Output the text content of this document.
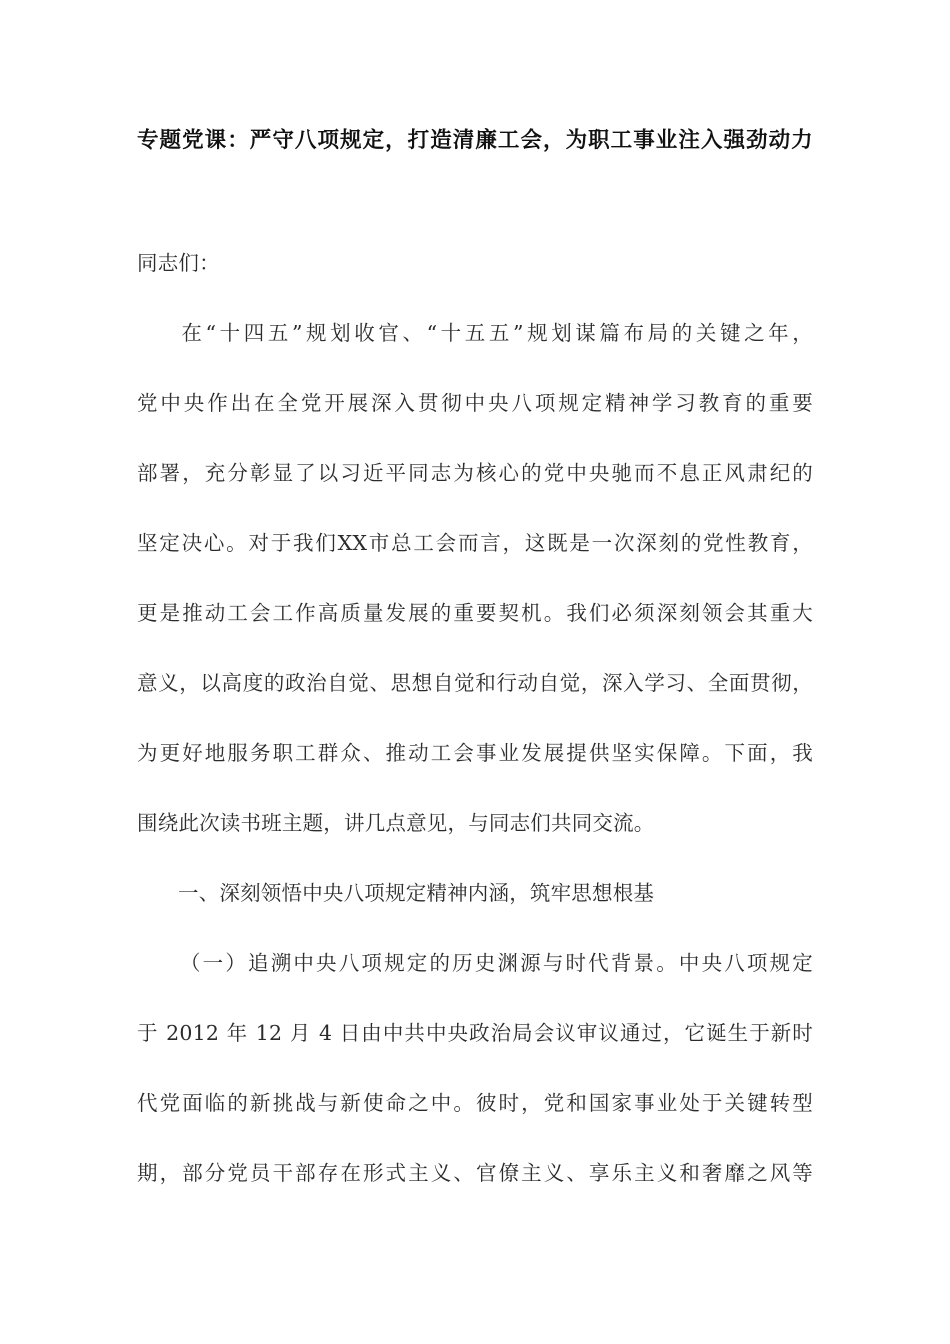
专题党课：严守八项规定，打造清廉工会，为职工事业注入强劲动力

同志们：

在“十四五”规划收官、“十五五”规划谋篇布局的关键之年，
党中央作出在全党开展深入贯彻中央八项规定精神学习教育的重要
部署，充分彰显了以习近平同志为核心的党中央驰而不息正风肃纪的
坚定决心。对于我们XX市总工会而言，这既是一次深刻的党性教育，
更是推动工会工作高质量发展的重要契机。我们必须深刻领会其重大
意义，以高度的政治自觉、思想自觉和行动自觉，深入学习、全面贯彻，
为更好地服务职工群众、推动工会事业发展提供坚实保障。下面，我
围绕此次读书班主题，讲几点意见，与同志们共同交流。
一、深刻领悟中央八项规定精神内涵，筑牢思想根基
（一）追溯中央八项规定的历史渊源与时代背景。中央八项规定
于 2012 年 12 月 4 日由中共中央政治局会议审议通过，它诞生于新时
代党面临的新挑战与新使命之中。彼时，党和国家事业处于关键转型
期，部分党员干部存在形式主义、官僚主义、享乐主义和奢靡之风等
